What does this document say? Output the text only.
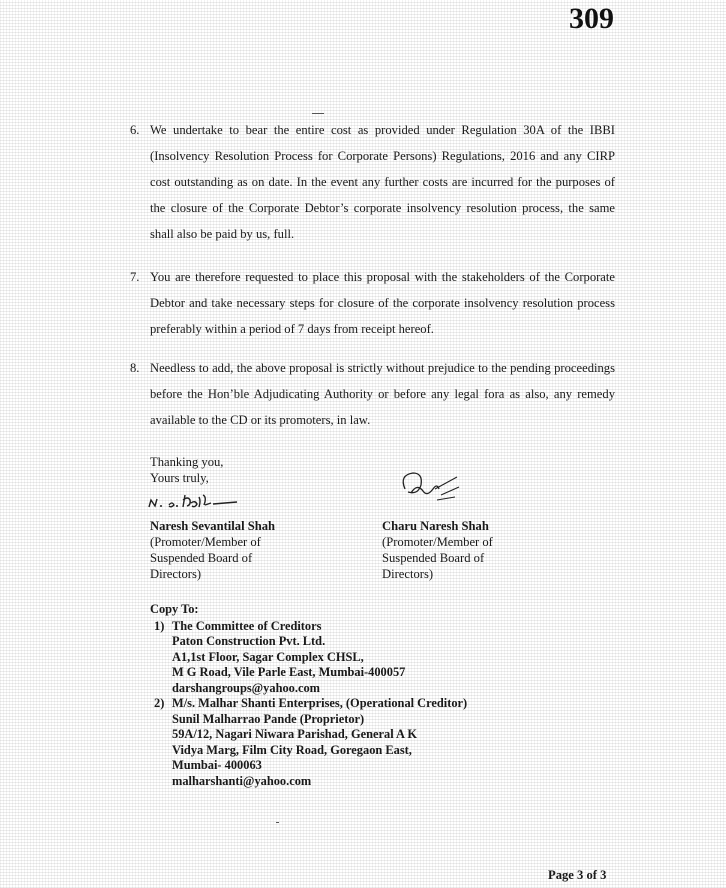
309
6. We undertake to bear the entire cost as provided under Regulation 30A of the IBBI (Insolvency Resolution Process for Corporate Persons) Regulations, 2016 and any CIRP cost outstanding as on date. In the event any further costs are incurred for the purposes of the closure of the Corporate Debtor’s corporate insolvency resolution process, the same shall also be paid by us, full.
7. You are therefore requested to place this proposal with the stakeholders of the Corporate Debtor and take necessary steps for closure of the corporate insolvency resolution process preferably within a period of 7 days from receipt hereof.
8. Needless to add, the above proposal is strictly without prejudice to the pending proceedings before the Hon’ble Adjudicating Authority or before any legal fora as also, any remedy available to the CD or its promoters, in law.
Thanking you,
Yours truly,
Naresh Sevantilal Shah
(Promoter/Member of
Suspended Board of
Directors)
Charu Naresh Shah
(Promoter/Member of
Suspended Board of
Directors)
Copy To:
1) The Committee of Creditors
Paton Construction Pvt. Ltd.
A1,1st Floor, Sagar Complex CHSL,
M G Road, Vile Parle East, Mumbai-400057
darshangroups@yahoo.com
2) M/s. Malhar Shanti Enterprises, (Operational Creditor)
Sunil Malharrao Pande (Proprietor)
59A/12, Nagari Niwara Parishad, General A K
Vidya Marg, Film City Road, Goregaon East,
Mumbai- 400063
malharshanti@yahoo.com
Page 3 of 3
